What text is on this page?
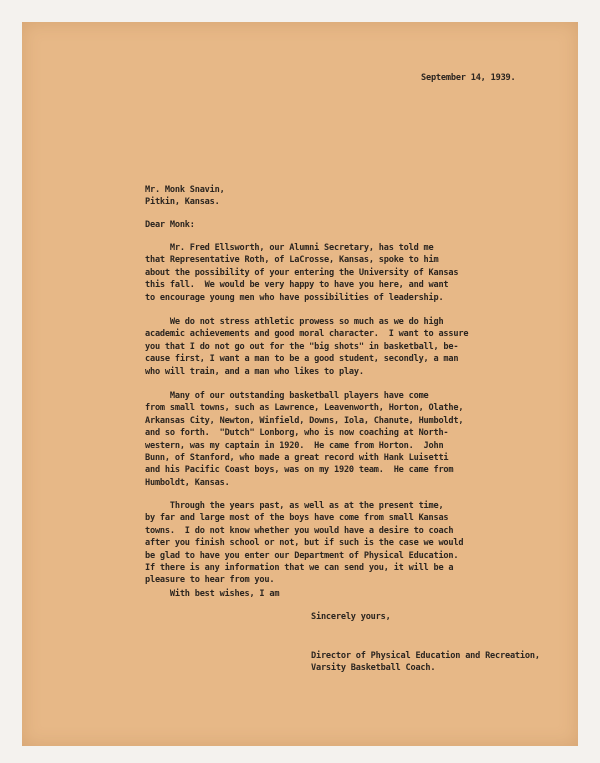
September 14, 1939.
Mr. Monk Snavin,
Pitkin, Kansas.
Dear Monk:
Mr. Fred Ellsworth, our Alumni Secretary, has told me
that Representative Roth, of LaCrosse, Kansas, spoke to him
about the possibility of your entering the University of Kansas
this fall.  We would be very happy to have you here, and want
to encourage young men who have possibilities of leadership.
We do not stress athletic prowess so much as we do high
academic achievements and good moral character.  I want to assure
you that I do not go out for the "big shots" in basketball, be-
cause first, I want a man to be a good student, secondly, a man
who will train, and a man who likes to play.
Many of our outstanding basketball players have come
from small towns, such as Lawrence, Leavenworth, Horton, Olathe,
Arkansas City, Newton, Winfield, Downs, Iola, Chanute, Humboldt,
and so forth.  "Dutch" Lonborg, who is now coaching at North-
western, was my captain in 1920.  He came from Horton.  John
Bunn, of Stanford, who made a great record with Hank Luisetti
and his Pacific Coast boys, was on my 1920 team.  He came from
Humboldt, Kansas.
Through the years past, as well as at the present time,
by far and large most of the boys have come from small Kansas
towns.  I do not know whether you would have a desire to coach
after you finish school or not, but if such is the case we would
be glad to have you enter our Department of Physical Education.
If there is any information that we can send you, it will be a
pleasure to hear from you.
With best wishes, I am
Sincerely yours,
Director of Physical Education and Recreation,
Varsity Basketball Coach.
